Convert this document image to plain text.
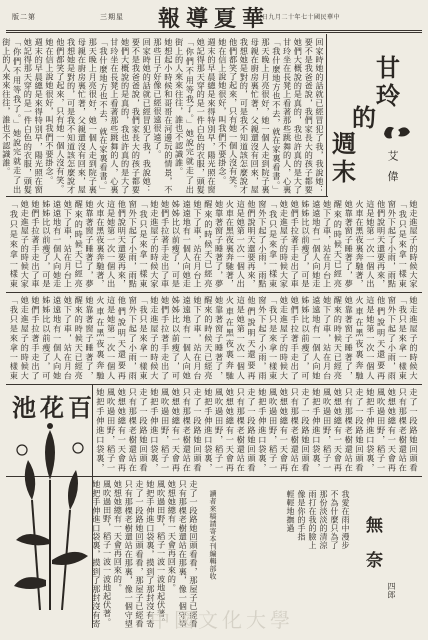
版二第	三期星 報導夏華
日九月二十年七十國民華中
甘
玲
的
週
末	艾 偉
回家時她的話就已經冒犯了我，我說她：
要不是我爸爸說，我們家長大的孩子都要
她們大概說的是真的，我也許真的是大了
甘玲坐在長凳上看著那些跳舞的人，心裏
「我什麼地方也不去，就在家裏看書。」
那天晚上月亮很好，她一個人走到院子裏
母親在廚房裏忙著，父親還沒有回來，屋
我想她是對的，可是我不知道該怎麼說才
他們都笑了起來，只有她一個人沒有笑。
她在信上說她很好，叫我們不要掛念。
週末的早晨總是來得特別早，陽光照在窗
她記得那天穿的是一件白色的衣服，頭髮
「你們不用等我了。」她說完就走了出
街上的人來來往往，誰也不認識誰。
她想起小時候和哥哥在河邊玩的情景，不
那些日子好像已經很遠很遠了。
回家時她的話就已經冒犯了我，我說她：
要不是我爸爸說，我們家長大的孩子都要
她們大概說的是真的，我也許真的是大了
甘玲坐在長凳上看著那些跳舞的人，心裏
「我什麼地方也不去，就在家裏看書。」
那天晚上月亮很好，她一個人走到院子裏
母親在廚房裏忙著，父親還沒有回來，屋
我想她是對的，可是我不知道該怎麼說才
他們都笑了起來，只有她一個人沒有笑。
她在信上說她很好，叫我們不要掛念。
週末的早晨總是來得特別早，陽光照在窗
她記得那天穿的是一件白色的衣服，頭髮
「你們不用等我了。」她說完就走了出
街上的人來來往往，誰也不認識誰。
她走進屋子的時候大家
「我只是來拿一樣東
窗外下起了小雨，雨點
他們說明天還要再來，
這是她第一次一個人出
火車在黑夜裏奔馳著，
她靠著窗子睡著了，夢
醒來的時候天已經亮
她下了車，站在月台上
遠遠地有一個人向她走
姊姊比以前瘦了，可是
她們手拉著手走出了車
她走進屋子的時候大家
「我只是來拿一樣東
窗外下起了小雨，雨點
他們說明天還要再來，
這是她第一次一個人出
火車在黑夜裏奔馳著，
她靠著窗子睡著了，夢
醒來的時候天已經亮
她下了車，站在月台上
遠遠地有一個人向她走
姊姊比以前瘦了，可是
她們手拉著手走出了車
她走進屋子的時候大家
「我只是來拿一樣東
窗外下起了小雨，雨點
他們說明天還要再來，
這是她第一次一個人出
火車在黑夜裏奔馳著，
她靠著窗子睡著了，夢
醒來的時候天已經亮
她下了車，站在月台上
遠遠地有一個人向她走
姊姊比以前瘦了，可是
她們手拉著手走出了車
她走進屋子的時候大家
「我只是來拿一樣東
她走進屋子的時候大
「我只是來拿一樣東
窗外下起了小雨，雨
他們說明天還要再
這是她第一次一個人
火車在黑夜裏奔馳
她靠著窗子睡著了，
醒來的時候天已經亮
她下了車，站在月台
遠遠地有一個人向她
姊姊比以前瘦了，可
她們手拉著手走出了
她走進屋子的時候大
「我只是來拿一樣東
窗外下起了小雨，雨
他們說明天還要再
這是她第一次一個人
火車在黑夜裏奔馳
她靠著窗子睡著了，
醒來的時候天已經亮
她下了車，站在月台
遠遠地有一個人向她
姊姊比以前瘦了，可
她們手拉著手走出了
她走進屋子的時候大
「我只是來拿一樣東
窗外下起了小雨，雨
他們說明天還要再
這是她第一次一個人
火車在黑夜裏奔馳
她靠著窗子睡著了，
醒來的時候天已經亮
她下了車，站在月台
遠遠地有一個人向她
姊姊比以前瘦了，可
她們手拉著手走出了
她走進屋子的時候大
「我只是來拿一樣東
池花百
走了一段路她回頭看
只有那棵老樹還站在
她想她總有一天會再
風吹過田野，稻子一
她把手伸進口袋裏，
走了一段路她回頭看
只有那棵老樹還站在
她想她總有一天會再
風吹過田野，稻子一
她把手伸進口袋裏，
走了一段路她回頭看
只有那棵老樹還站在
她想她總有一天會再
風吹過田野，稻子一
她把手伸進口袋裏，
走了一段路她回頭看
只有那棵老樹還站在
她想她總有一天會再
風吹過田野，稻子一
她把手伸進口袋裏，
走了一段路她回頭看
只有那棵老樹還站在
她想她總有一天會再
風吹過田野，稻子一
她把手伸進口袋裏，
走了一段路她回頭看
只有那棵老樹還站在
她想她總有一天會再
風吹過田野，稻子一
她把手伸進口袋裏，
走了一段路她回頭看看，那屋子已經看
只有那棵老樹還站在那裏，像一個守望
她想她總有一天會再回來的。
風吹過田野，稻子一波一波地起伏著。
她把手伸進口袋裏，摸到了那封沒有寄
走了一段路她回頭看看，那屋子已經看
只有那棵老樹還站在那裏，像一個守望
她想她總有一天會再回來的。
風吹過田野，稻子一波一波地起伏著。
她把手伸進口袋裏，摸到了那封沒有寄
無 奈
四郎
我愛在雨中漫步
不為什麼只為了
那份淡淡的清涼
雨打在我的臉上
像是你的手指
輕輕地撫過
讀者來稿請寄本刊編輯部收
中國文化大學
